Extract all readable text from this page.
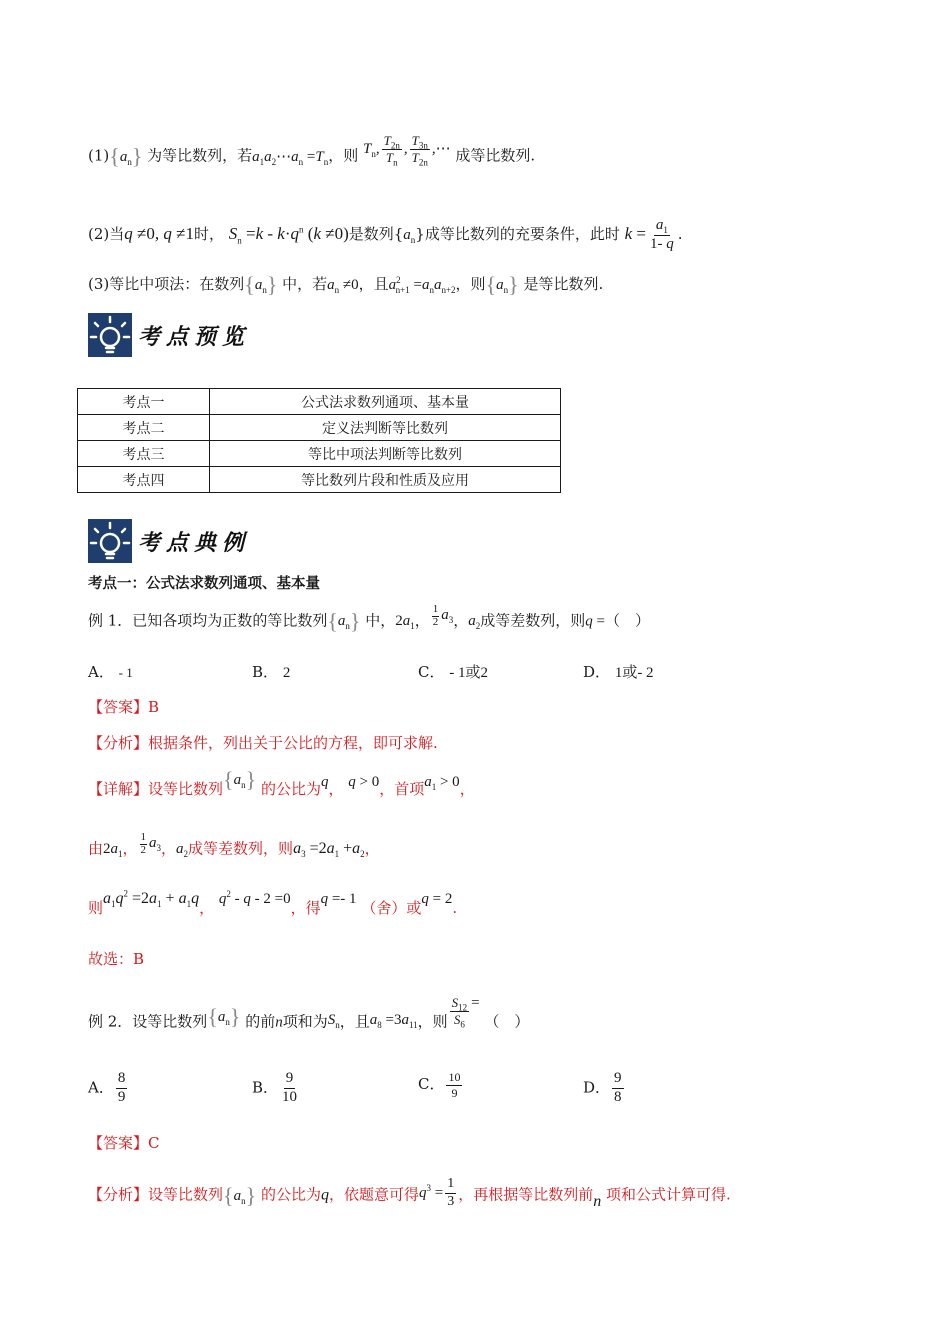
$(1)\{a_n\}$ 为等比数列，若$a_1a_2\cdots a_n =T_n$，则 $T_n$, $\frac{T_{2n}}{T_n}$ , $\frac{T_{3n}}{T_{2n}}$ ,⋯ 成等比数列.
(2)当q ≠0, q ≠1时， $S_n =k - k\cdot q^n$ (k ≠0)是数列$\{a_n\}$成等比数列的充要条件，此时 $k = \frac{a_1}{1- q}$ .
(3)等比中项法：在数列$\{a_n\}$ 中，若$a_n \ne 0$，且$a^2_{n+1} =a_na_{n+2}$，则$\{a_n\}$ 是等比数列.
考点预览
考点一	公式法求数列通项、基本量
考点二	定义法判断等比数列
考点三	等比中项法判断等比数列
考点四	等比数列片段和性质及应用
考点典例
考点一：公式法求数列通项、基本量
例 1．已知各项均为正数的等比数列$\{a_n\}$ 中，$2a_1$， $\frac{1}{2} a_3$，$a_2$成等差数列，则q =（　）
A． - 1	B． 2	C． - 1或2	D． 1或- 2
【答案】B
【分析】根据条件，列出关于公比的方程，即可求解.
【详解】设等比数列$\{a_n\}$ 的公比为q， q > 0，首项$a_1 > 0$，
由$2a_1$， $\frac{1}{2} a_3$，$a_2$成等差数列，则$a_3 =2a_1 +a_2$，
则$a_1q^2 =2a_1 + a_1q$， $q^2 - q - 2 =0$，得q =- 1 （舍）或q = 2.
故选：B
例 2．设等比数列$\{a_n\}$ 的前n项和为$S_n$，且$a_8 =3a_{11}$，则 $\frac{S_{12}}{S_6}$ = （　）
A． $\frac{8}{9}$	B． $\frac{9}{10}$	C． $\frac{10}{9}$	D． $\frac{9}{8}$
【答案】C
【分析】设等比数列$\{a_n\}$ 的公比为q，依题意可得$q^3 = \frac{1}{3}$ ，再根据等比数列前n 项和公式计算可得.
